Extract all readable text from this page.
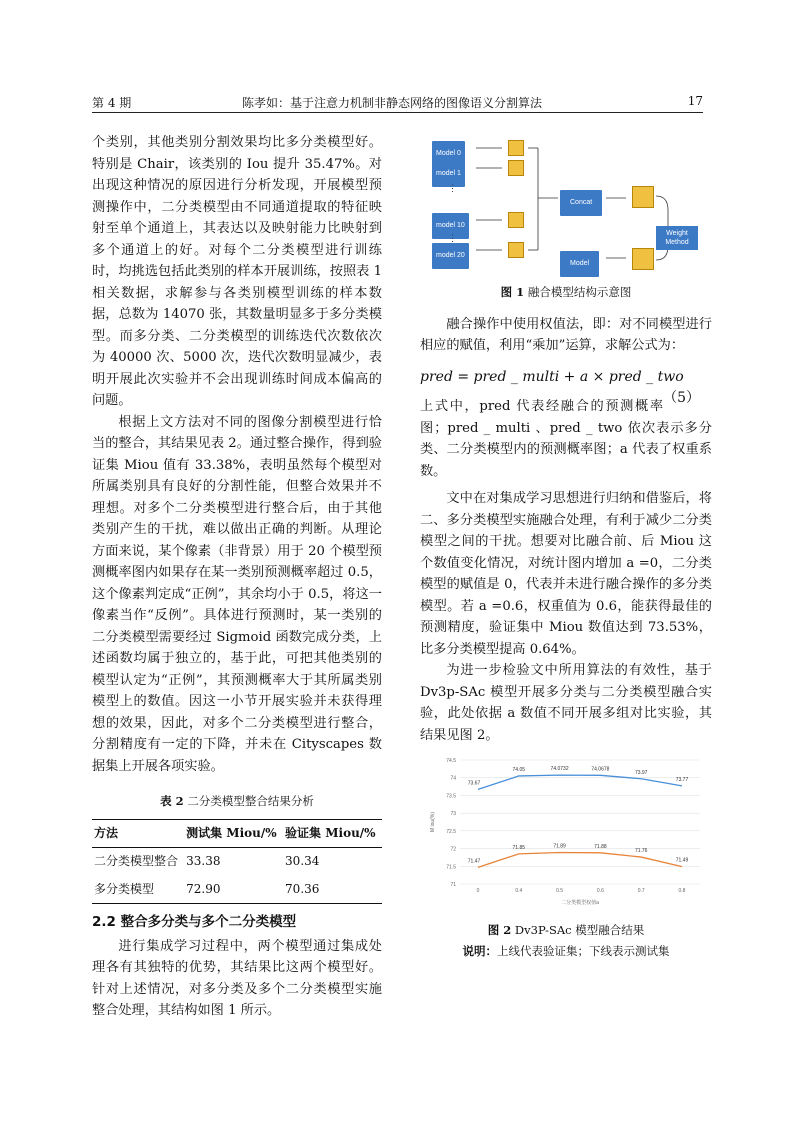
第 4 期	陈孝如：基于注意力机制非静态网络的图像语义分割算法	17

个类别，其他类别分割效果均比多分类模型好。特别是 Chair，该类别的 Iou 提升 35.47%。对出现这种情况的原因进行分析发现，开展模型预测操作中，二分类模型由不同通道提取的特征映射至单个通道上，其表达以及映射能力比映射到多个通道上的好。对每个二分类模型进行训练时，均挑选包括此类别的样本开展训练，按照表 1 相关数据，求解参与各类别模型训练的样本数据，总数为 14070 张，其数量明显多于多分类模型。而多分类、二分类模型的训练迭代次数依次为 40000 次、5000 次，迭代次数明显减少，表明开展此次实验并不会出现训练时间成本偏高的问题。

根据上文方法对不同的图像分割模型进行恰当的整合，其结果见表 2。通过整合操作，得到验证集 Miou 值有 33.38%，表明虽然每个模型对所属类别具有良好的分割性能，但整合效果并不理想。对多个二分类模型进行整合后，由于其他类别产生的干扰，难以做出正确的判断。从理论方面来说，某个像素（非背景）用于 20 个模型预测概率图内如果存在某一类别预测概率超过 0.5，这个像素判定成“正例”，其余均小于 0.5，将这一像素当作“反例”。具体进行预测时，某一类别的二分类模型需要经过 Sigmoid 函数完成分类，上述函数均属于独立的，基于此，可把其他类别的模型认定为“正例”，其预测概率大于其所属类别模型上的数值。因这一小节开展实验并未获得理想的效果，因此，对多个二分类模型进行整合，分割精度有一定的下降，并未在 Cityscapes 数据集上开展各项实验。

表 2 二分类模型整合结果分析
方法	测试集 Miou/%	验证集 Miou/%
二分类模型整合	33.38	30.34
多分类模型	72.90	70.36
2.2 整合多分类与多个二分类模型

进行集成学习过程中，两个模型通过集成处理各有其独特的优势，其结果比这两个模型好。针对上述情况，对多分类及多个二分类模型实施整合处理，其结构如图 1 所示。

Model 0
model 1
⋮
model 10
⋮
model 20
Concat
Model
Weight Method
图 1 融合模型结构示意图

融合操作中使用权值法，即：对不同模型进行相应的赋值，利用“乘加”运算，求解公式为：

pred = pred _ multi + a × pred _ two
（5）

上式中，pred 代表经融合的预测概率图；pred _ multi 、pred _ two 依次表示多分类、二分类模型内的预测概率图；a 代表了权重系数。

文中在对集成学习思想进行归纳和借鉴后，将二、多分类模型实施融合处理，有利于减少二分类模型之间的干扰。想要对比融合前、后 Miou 这个数值变化情况，对统计图内增加 a =0，二分类模型的赋值是 0，代表并未进行融合操作的多分类模型。若 a =0.6，权重值为 0.6，能获得最佳的预测精度，验证集中 Miou 数值达到 73.53%，比多分类模型提高 0.64%。

为进一步检验文中所用算法的有效性，基于 Dv3p-SAc 模型开展多分类与二分类模型融合实验，此处依据 a 数值不同开展多组对比实验，其结果见图 2。

74.5
74
73.5
73
72.5
72
71.5
71
0	0.4	0.5	0.6	0.7	0.8
二分类模型权值a
M iou(%)
73.67
74.05	74.0732	74.0678
73.97
73.77
71.47
71.85	71.89	71.88
71.76
71.49
图 2 Dv3P-SAc 模型融合结果
说明：上线代表验证集；下线表示测试集
